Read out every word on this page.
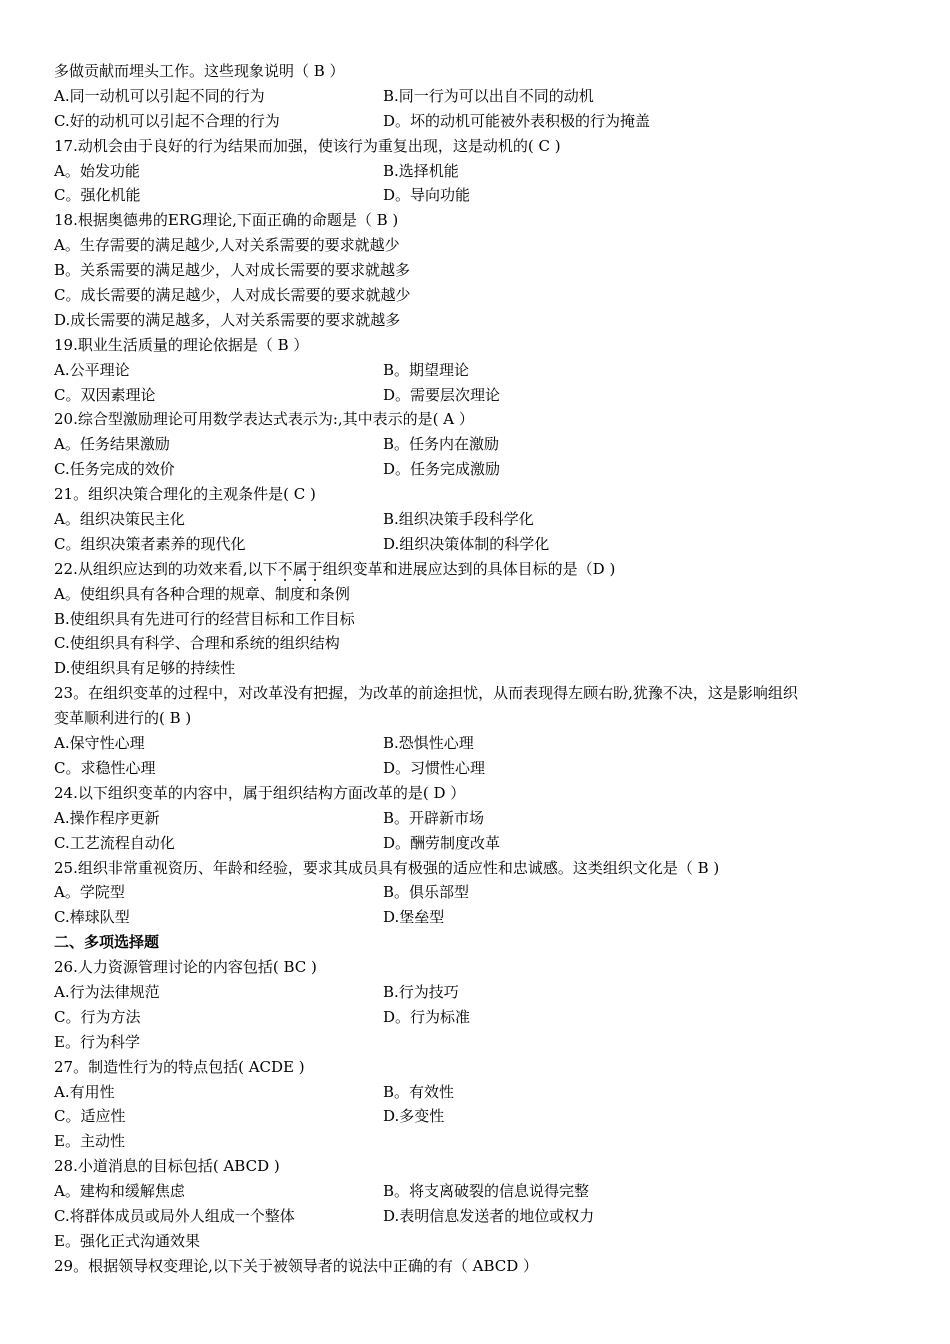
多做贡献而埋头工作。这些现象说明（ B ）
A.同一动机可以引起不同的行为	B.同一行为可以出自不同的动机
C.好的动机可以引起不合理的行为	D。坏的动机可能被外表积极的行为掩盖
17.动机会由于良好的行为结果而加强，使该行为重复出现，这是动机的( C )
A。始发功能	B.选择机能
C。强化机能	D。导向功能
18.根据奥德弗的ERG理论,下面正确的命题是（ B )
A。生存需要的满足越少,人对关系需要的要求就越少
B。关系需要的满足越少，人对成长需要的要求就越多
C。成长需要的满足越少，人对成长需要的要求就越少
D.成长需要的满足越多，人对关系需要的要求就越多
19.职业生活质量的理论依据是（ B ）
A.公平理论	B。期望理论
C。双因素理论	D。需要层次理论
20.综合型激励理论可用数学表达式表示为:,其中表示的是( A ）
A。任务结果激励	B。任务内在激励
C.任务完成的效价	D。任务完成激励
21。组织决策合理化的主观条件是( C )
A。组织决策民主化	B.组织决策手段科学化
C。组织决策者素养的现代化	D.组织决策体制的科学化
22.从组织应达到的功效来看,以下不
属
于
组织变革和进展应达到的具体目标的是（D )
A。使组织具有各种合理的规章、制度和条例
B.使组织具有先进可行的经营目标和工作目标
C.使组织具有科学、合理和系统的组织结构
D.使组织具有足够的持续性
23。在组织变革的过程中，对改革没有把握，为改革的前途担忧，从而表现得左顾右盼,犹豫不决，这是影响组织
变革顺利进行的( B )
A.保守性心理	B.恐惧性心理
C。求稳性心理	D。习惯性心理
24.以下组织变革的内容中，属于组织结构方面改革的是( D ）
A.操作程序更新	B。开辟新市场
C.工艺流程自动化	D。酬劳制度改革
25.组织非常重视资历、年龄和经验，要求其成员具有极强的适应性和忠诚感。这类组织文化是（ B )
A。学院型	B。俱乐部型
C.棒球队型	D.堡垒型
二、多项选择题
26.人力资源管理讨论的内容包括( BC )
A.行为法律规范	B.行为技巧
C。行为方法	D。行为标准
E。行为科学
27。制造性行为的特点包括( ACDE )
A.有用性	B。有效性
C。适应性	D.多变性
E。主动性
28.小道消息的目标包括( ABCD )
A。建构和缓解焦虑	B。将支离破裂的信息说得完整
C.将群体成员或局外人组成一个整体	D.表明信息发送者的地位或权力
E。强化正式沟通效果
29。根据领导权变理论,以下关于被领导者的说法中正确的有（ ABCD ）
